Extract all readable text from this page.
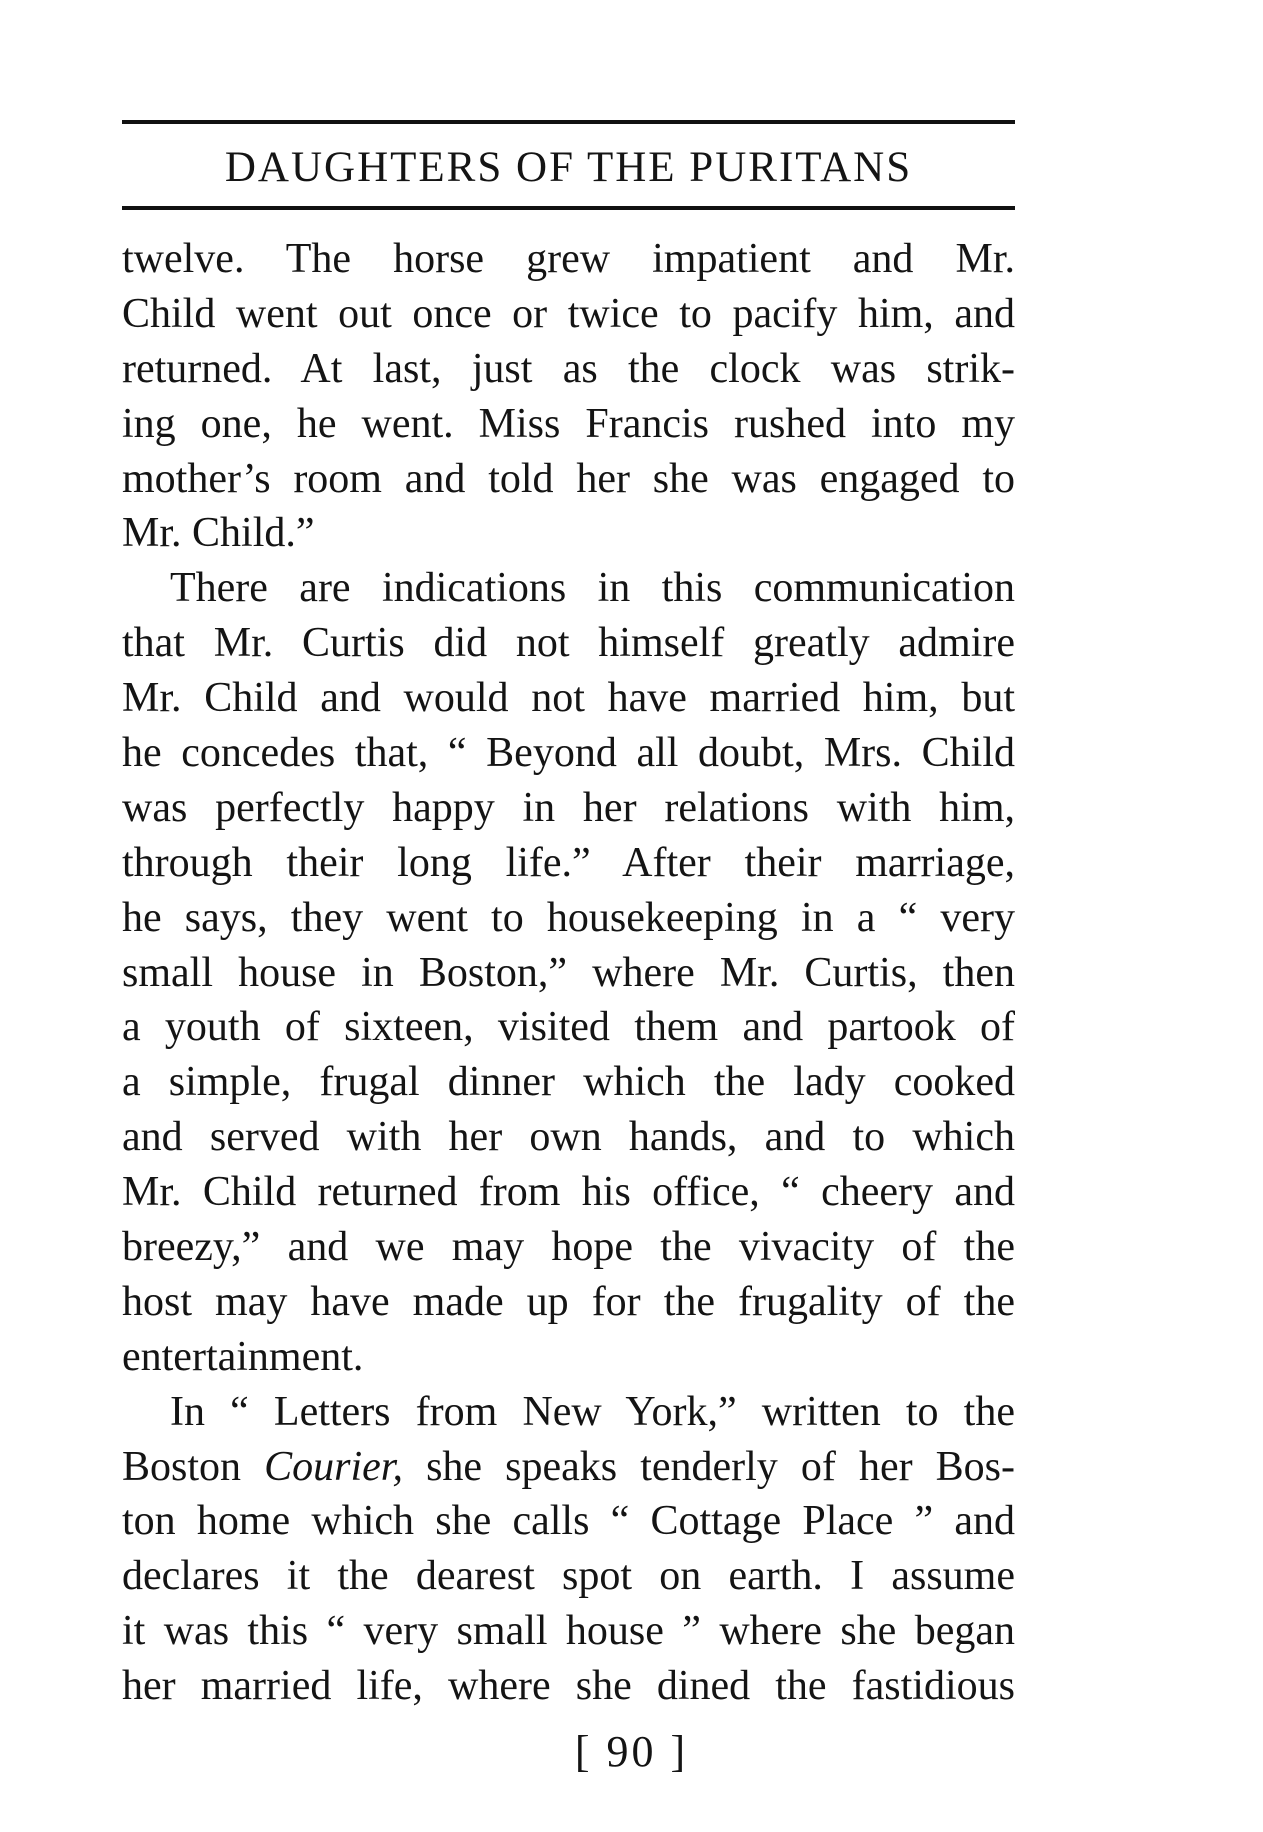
DAUGHTERS OF THE PURITANS
twelve. The horse grew impatient and Mr.
Child went out once or twice to pacify him, and
returned. At last, just as the clock was strik-
ing one, he went. Miss Francis rushed into my
mother’s room and told her she was engaged to
Mr. Child.”
There are indications in this communication
that Mr. Curtis did not himself greatly admire
Mr. Child and would not have married him, but
he concedes that, “ Beyond all doubt, Mrs. Child
was perfectly happy in her relations with him,
through their long life.” After their marriage,
he says, they went to housekeeping in a “ very
small house in Boston,” where Mr. Curtis, then
a youth of sixteen, visited them and partook of
a simple, frugal dinner which the lady cooked
and served with her own hands, and to which
Mr. Child returned from his office, “ cheery and
breezy,” and we may hope the vivacity of the
host may have made up for the frugality of the
entertainment.
In “ Letters from New York,” written to the
Boston Courier, she speaks tenderly of her Bos-
ton home which she calls “ Cottage Place ” and
declares it the dearest spot on earth. I assume
it was this “ very small house ” where she began
her married life, where she dined the fastidious
[ 90 ]
